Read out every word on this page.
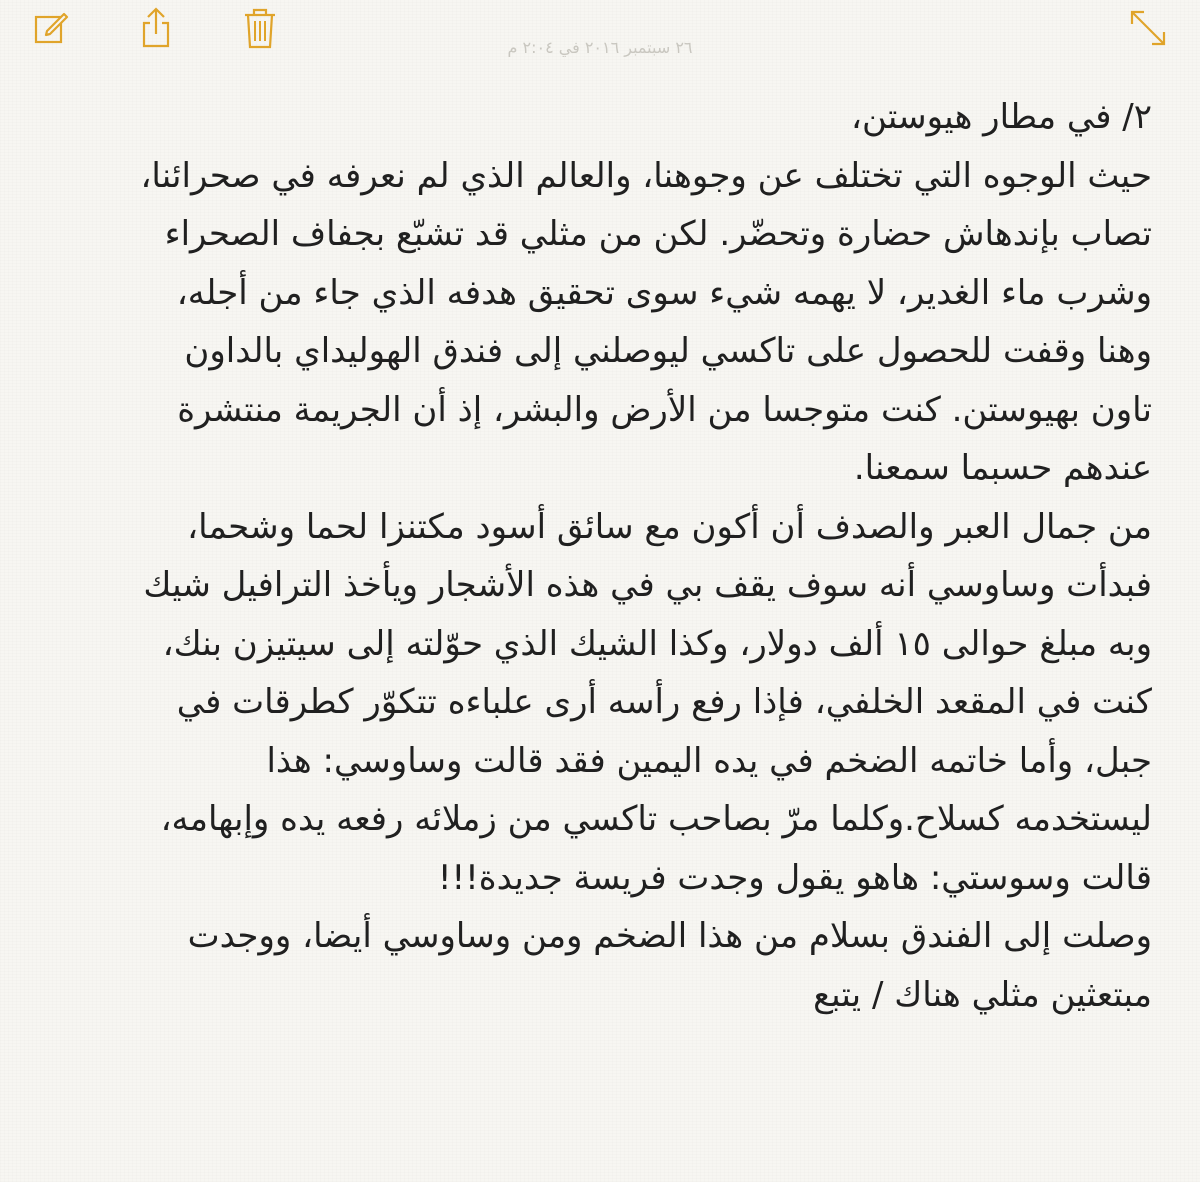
٢٦ سبتمبر ٢٠١٦ في ٢:٠٤ م
٢/ في مطار هيوستن،
حيث الوجوه التي تختلف عن وجوهنا، والعالم الذي لم نعرفه في صحرائنا،
تصاب بإندهاش حضارة وتحضّر. لكن من مثلي قد تشبّع بجفاف الصحراء
وشرب ماء الغدير، لا يهمه شيء سوى تحقيق هدفه الذي جاء من أجله،
وهنا وقفت للحصول على تاكسي ليوصلني إلى فندق الهوليداي بالداون
تاون بهيوستن. كنت متوجسا من الأرض والبشر، إذ أن الجريمة منتشرة
عندهم حسبما سمعنا.
من جمال العبر والصدف أن أكون مع سائق أسود مكتنزا لحما وشحما،
فبدأت وساوسي أنه سوف يقف بي في هذه الأشجار ويأخذ الترافيل شيك
وبه مبلغ حوالى ١٥ ألف دولار، وكذا الشيك الذي حوّلته إلى سيتيزن بنك،
كنت في المقعد الخلفي، فإذا رفع رأسه أرى علباءه تتكوّر كطرقات في
جبل، وأما خاتمه الضخم في يده اليمين فقد قالت وساوسي: هذا
ليستخدمه كسلاح.وكلما مرّ بصاحب تاكسي من زملائه رفعه يده وإبهامه،
قالت وسوستي: هاهو يقول وجدت فريسة جديدة!!!
وصلت إلى الفندق بسلام من هذا الضخم ومن وساوسي أيضا، ووجدت
مبتعثين مثلي هناك / يتبع
